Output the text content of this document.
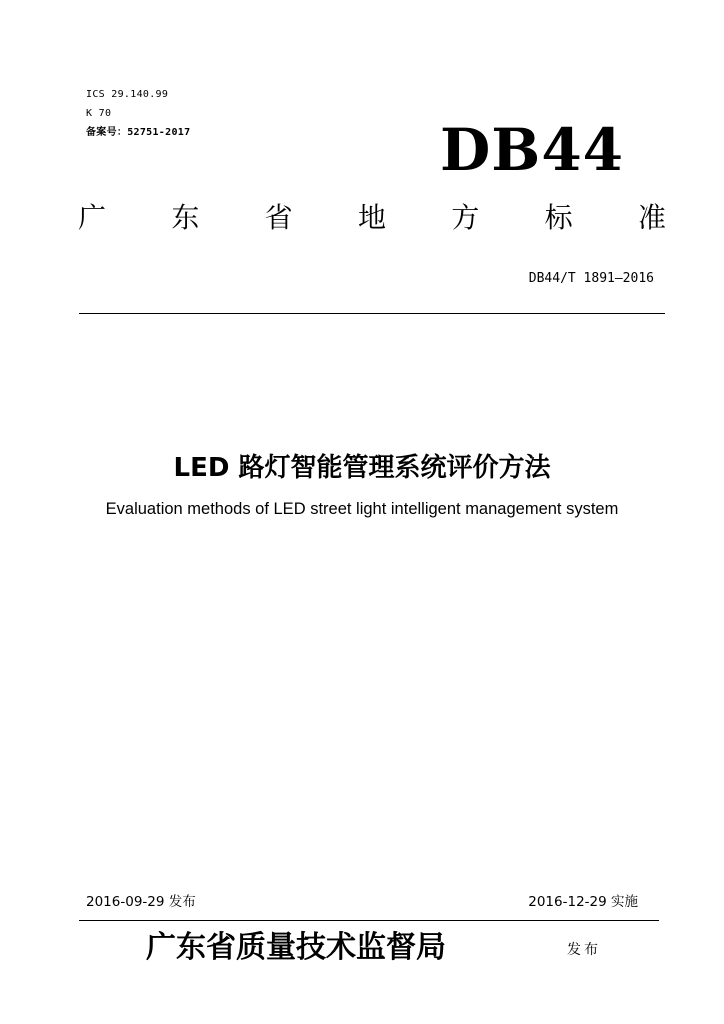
ICS 29.140.99
K 70
备案号：52751-2017	DB44
广 东 省 地 方 标 准
DB44/T 1891—2016
LED 路灯智能管理系统评价方法
Evaluation methods of LED street light intelligent management system
2016-09-29 发布	2016-12-29 实施
广东省质量技术监督局	发布
